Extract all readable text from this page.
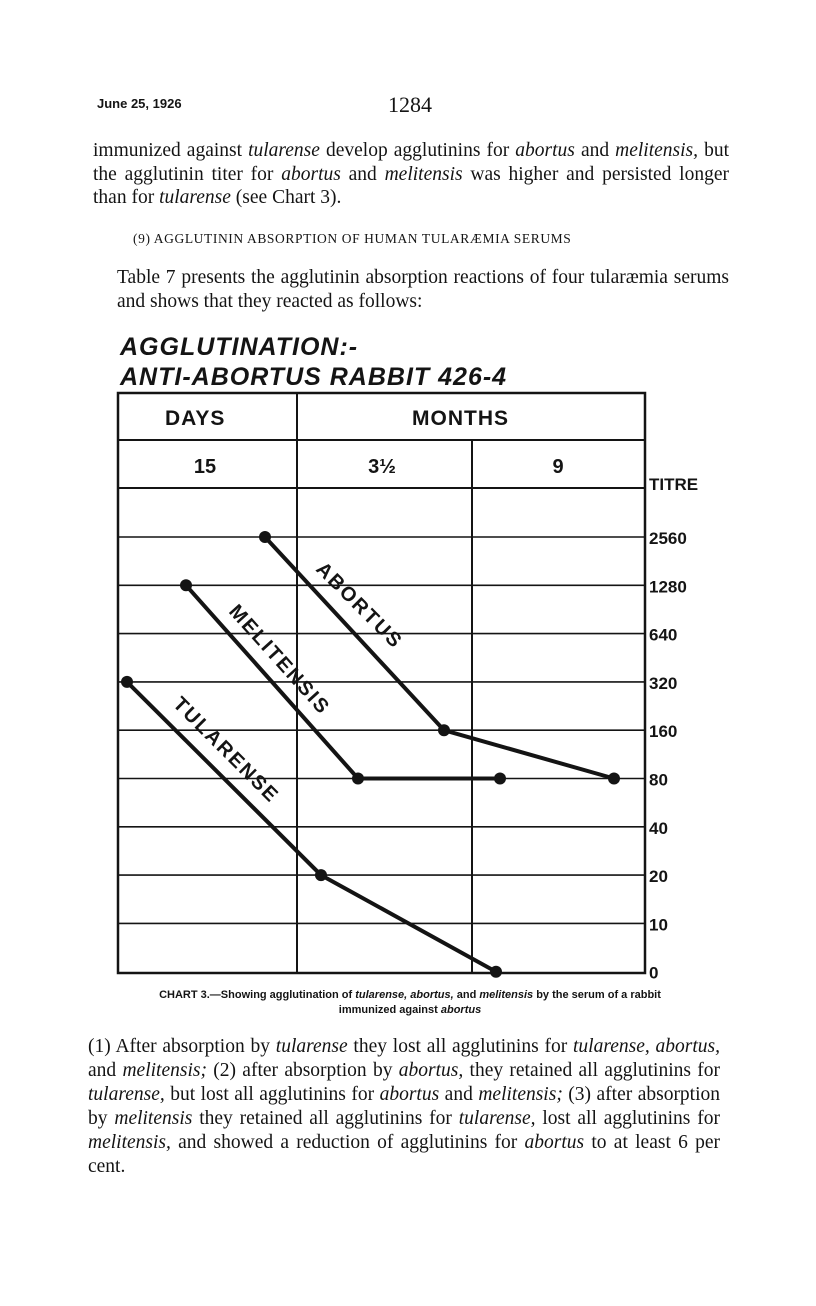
June 25, 1926	1284

immunized against tularense develop agglutinins for abortus and melitensis, but the agglutinin titer for abortus and melitensis was higher and persisted longer than for tularense (see Chart 3).

(9) AGGLUTININ ABSORPTION OF HUMAN TULARÆMIA SERUMS
Table 7 presents the agglutinin absorption reactions of four tularæmia serums and shows that they reacted as follows:
AGGLUTINATION:-
ANTI-ABORTUS RABBIT 426-4
2560
1280
640
320
160
80
40
20
10
0
DAYS	MONTHS
15	3½	9
TITRE
ABORTUS
MELITENSIS
TULARENSE
CHART 3.—Showing agglutination of tularense, abortus, and melitensis by the serum of a rabbit immunized against abortus
(1) After absorption by tularense they lost all agglutinins for tularense, abortus, and melitensis; (2) after absorption by abortus, they retained all agglutinins for tularense, but lost all agglutinins for abortus and melitensis; (3) after absorption by melitensis they retained all agglutinins for tularense, lost all agglutinins for melitensis, and showed a reduction of agglutinins for abortus to at least 6 per cent.
